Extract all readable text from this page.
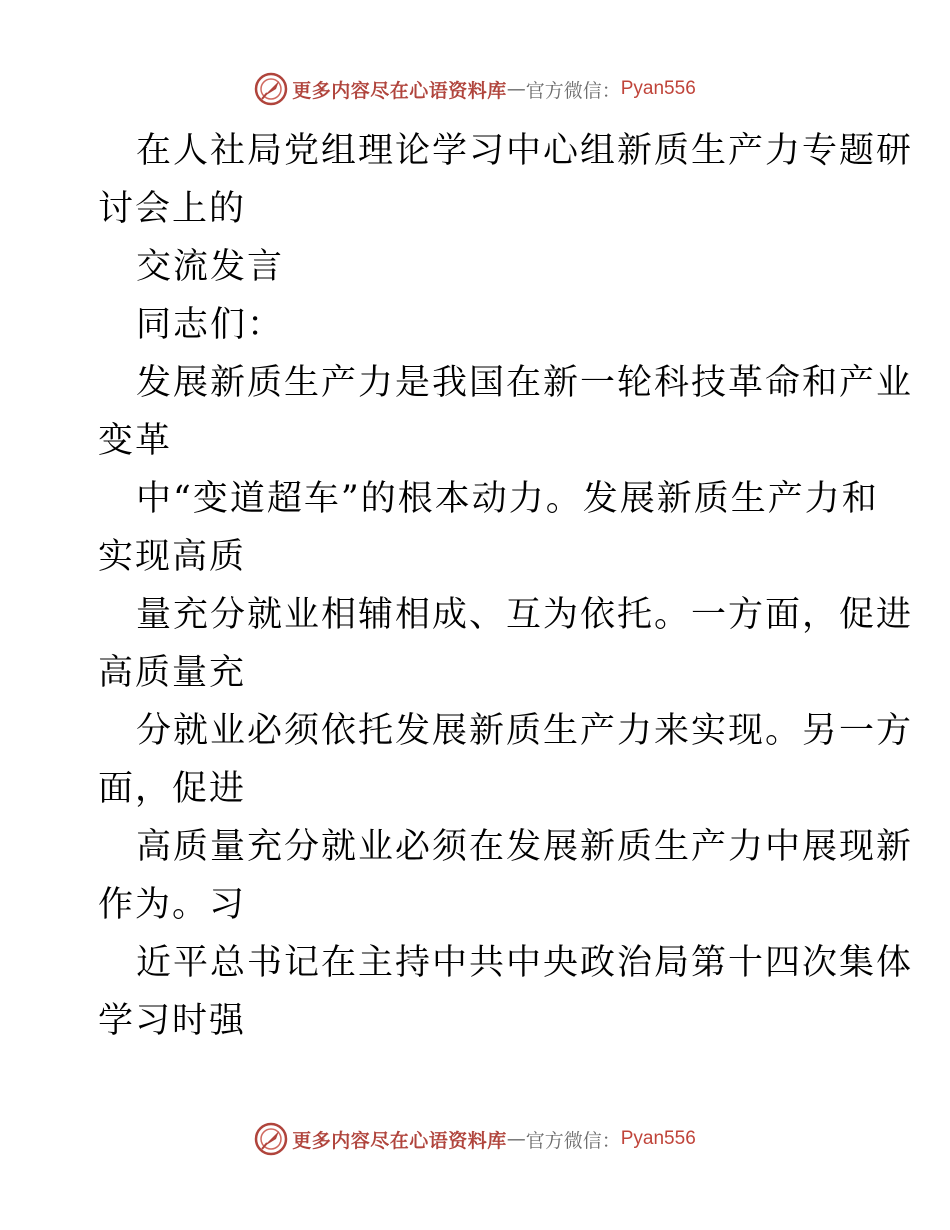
更多内容尽在心语资料库 — 官方微信： Pyan556
在人社局党组理论学习中心组新质生产力专题研
讨会上的
交流发言
同志们：
发展新质生产力是我国在新一轮科技革命和产业
变革
中“变道超车”的根本动力。发展新质生产力和
实现高质
量充分就业相辅相成、互为依托。一方面，促进
高质量充
分就业必须依托发展新质生产力来实现。另一方
面，促进
高质量充分就业必须在发展新质生产力中展现新
作为。习
近平总书记在主持中共中央政治局第十四次集体
学习时强
更多内容尽在心语资料库 — 官方微信： Pyan556
